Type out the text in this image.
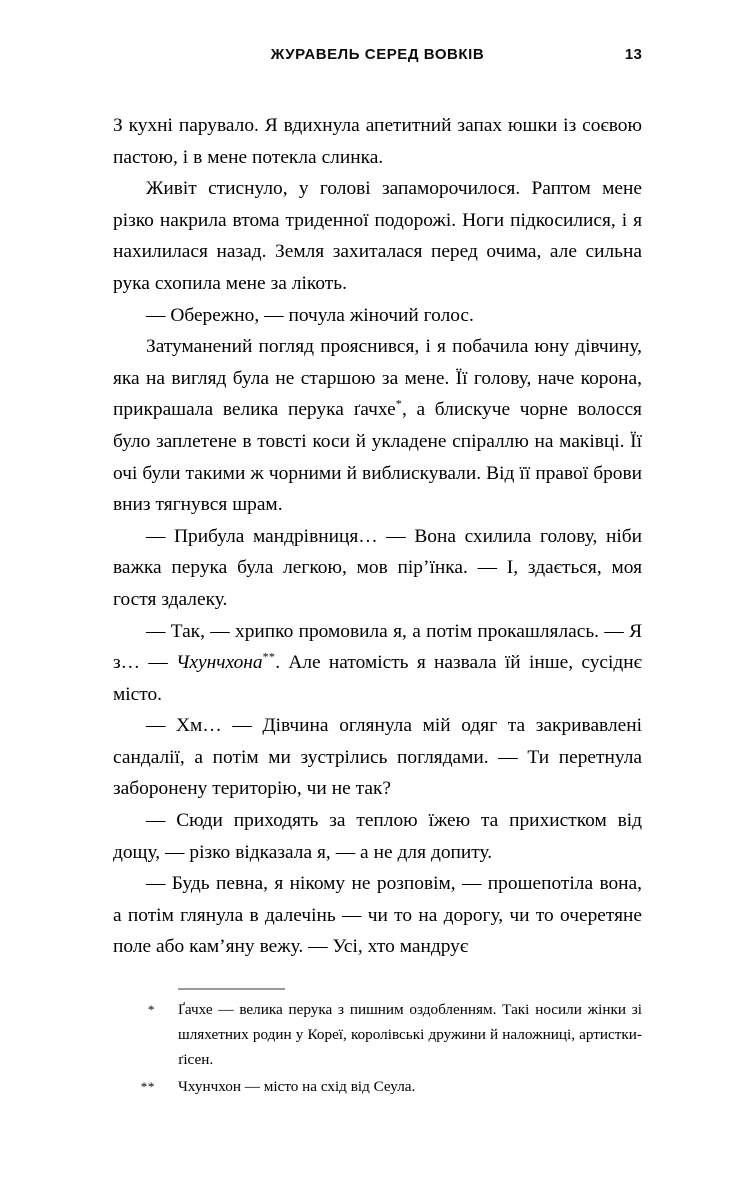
ЖУРАВЕЛЬ СЕРЕД ВОВКІВ	13

З кухні парувало. Я вдихнула апетитний запах юшки із соєвою пастою, і в мене потекла слинка.

Живіт стиснуло, у голові запаморочилося. Раптом мене різко накрила втома триденної подорожі. Ноги підкосилися, і я нахилилася назад. Земля захиталася перед очима, але сильна рука схопила мене за лікоть.

— Обережно, — почула жіночий голос.

Затуманений погляд прояснився, і я побачила юну дівчину, яка на вигляд була не старшою за мене. Її голову, наче корона, прикрашала велика перука ґачхе*, а блискуче чорне волосся було заплетене в товсті коси й укладене спіраллю на маківці. Її очі були такими ж чорними й виблискували. Від її правої брови вниз тягнувся шрам.

— Прибула мандрівниця… — Вона схилила голову, ніби важка перука була легкою, мов пір’їнка. — І, здається, моя гостя здалеку.

— Так, — хрипко промовила я, а потім прокашлялась. — Я з… — Чхунчхона**. Але натомість я назвала їй інше, сусіднє місто.

— Хм… — Дівчина оглянула мій одяг та закривавлені сандалії, а потім ми зустрілись поглядами. — Ти перетнула заборонену територію, чи не так?

— Сюди приходять за теплою їжею та прихистком від дощу, — різко відказала я, — а не для допиту.

— Будь певна, я нікому не розповім, — прошепотіла вона, а потім глянула в далечінь — чи то на дорогу, чи то очеретяне поле або кам’яну вежу. — Усі, хто мандрує

*	Ґачхе — велика перука з пишним оздобленням. Такі носили жінки зі шляхетних родин у Кореї, королівські дружини й наложниці, артистки-ґісен.
**	Чхунчхон — місто на схід від Сеула.
